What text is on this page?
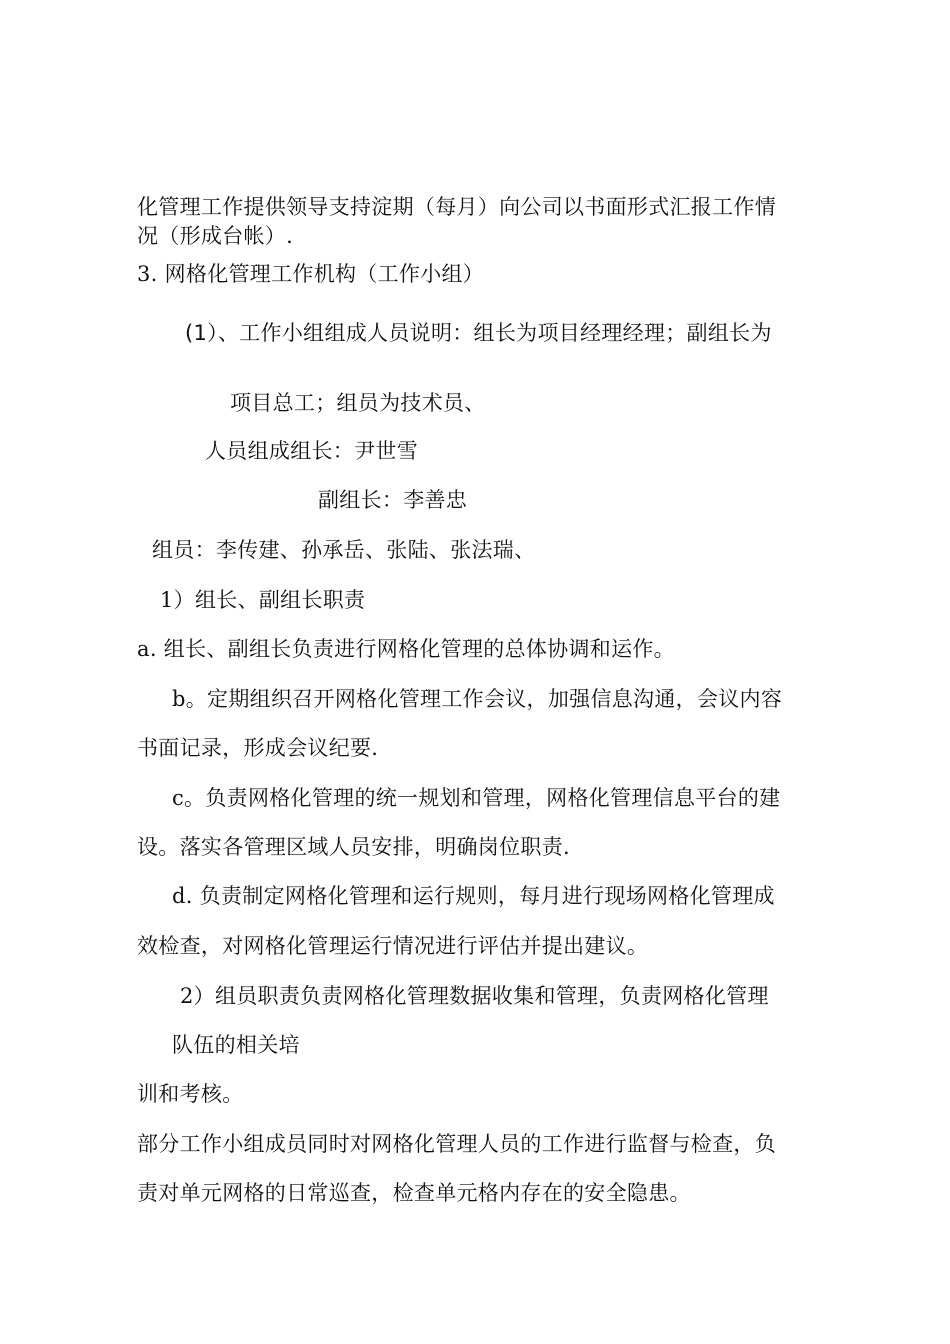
化管理工作提供领导支持淀期（每月）向公司以书面形式汇报工作情
况（形成台帐）.
3. 网格化管理工作机构（工作小组）
(1）、工作小组组成人员说明：组长为项目经理经理；副组长为
项目总工；组员为技术员、
人员组成组长：尹世雪
副组长：李善忠
组员：李传建、孙承岳、张陆、张法瑞、
1）组长、副组长职责
a. 组长、副组长负责进行网格化管理的总体协调和运作。
b。定期组织召开网格化管理工作会议，加强信息沟通，会议内容
书面记录，形成会议纪要.
c。负责网格化管理的统一规划和管理，网格化管理信息平台的建
设。落实各管理区域人员安排，明确岗位职责.
d. 负责制定网格化管理和运行规则，每月进行现场网格化管理成
效检查，对网格化管理运行情况进行评估并提出建议。
2）组员职责负责网格化管理数据收集和管理，负责网格化管理
队伍的相关培
训和考核。
部分工作小组成员同时对网格化管理人员的工作进行监督与检查，负
责对单元网格的日常巡查，检查单元格内存在的安全隐患。
